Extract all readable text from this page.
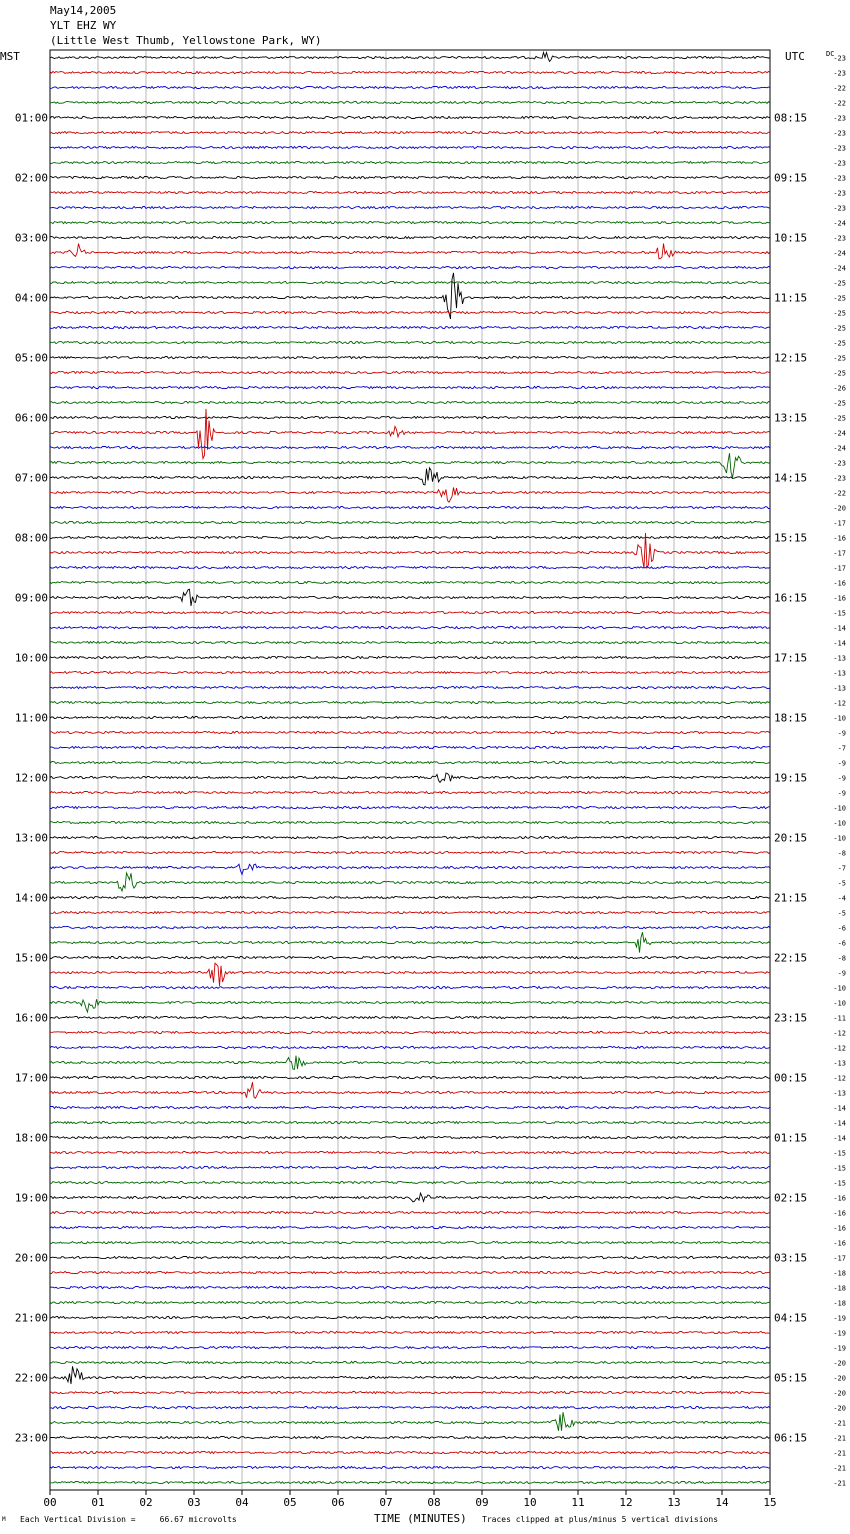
May14,2005
YLT EHZ WY
(Little West Thumb, Yellowstone Park, WY)
01:00
02:00
03:00
04:00
05:00
06:00
07:00
08:00
09:00
10:00
11:00
12:00
13:00
14:00
15:00
16:00
17:00
18:00
19:00
20:00
21:00
22:00
23:00
08:15
09:15
10:15
11:15
12:15
13:15
14:15
15:15
16:15
17:15
18:15
19:15
20:15
21:15
22:15
23:15
00:15
01:15
02:15
03:15
04:15
05:15
06:15
-23
-23
-22
-22
-23
-23
-23
-23
-23
-23
-23
-24
-23
-24
-24
-25
-25
-25
-25
-25
-25
-25
-26
-25
-25
-24
-24
-23
-23
-22
-20
-17
-16
-17
-17
-16
-16
-15
-14
-14
-13
-13
-13
-12
-10
-9
-7
-9
-9
-9
-10
-10
-10
-8
-7
-5
-4
-5
-6
-6
-8
-9
-10
-10
-11
-12
-12
-13
-12
-13
-14
-14
-14
-15
-15
-15
-16
-16
-16
-16
-17
-18
-18
-18
-19
-19
-19
-20
-20
-20
-20
-21
-21
-21
-21
-21
00	01	02	03	04	05	06	07	08	09	10	11	12	13	14	15
MST	UTC	DC
M Each Vertical Division =     66.67 microvolts	TIME (MINUTES) Traces clipped at plus/minus 5 vertical divisions
